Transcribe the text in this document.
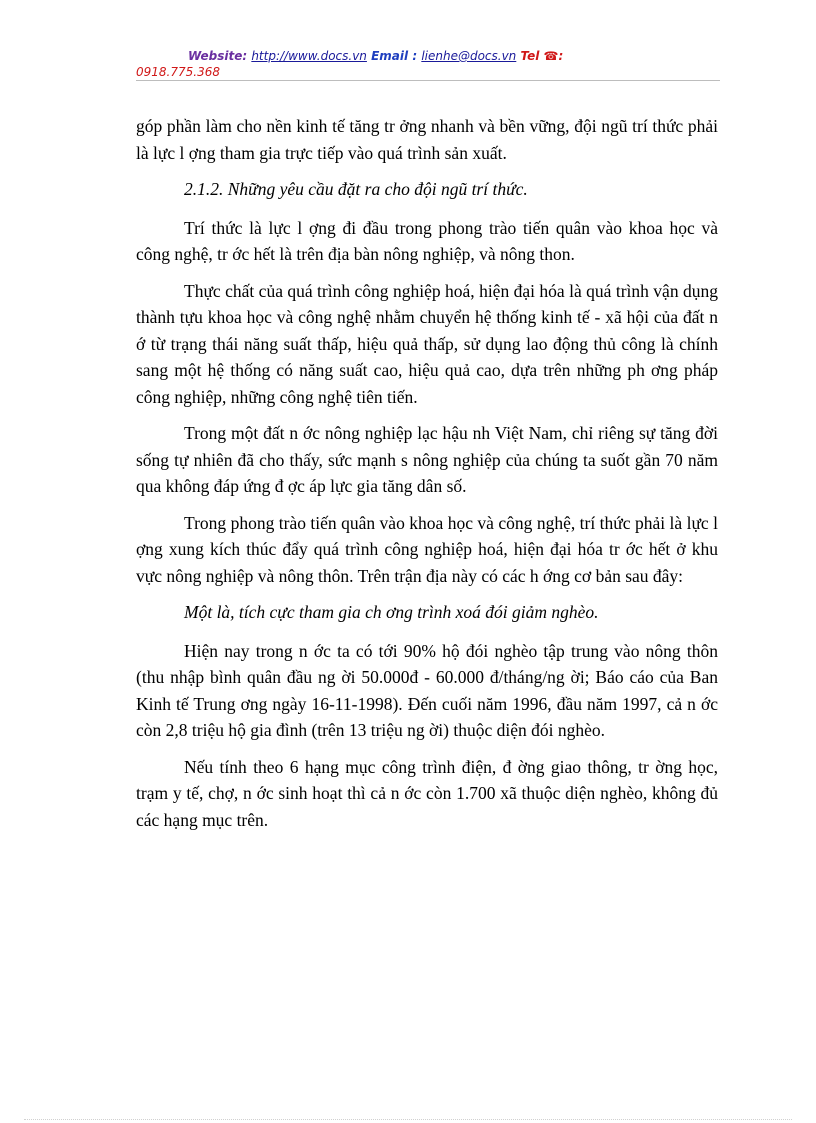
Website: http://www.docs.vn Email : lienhe@docs.vn Tel ☎:
0918.775.368

góp phần làm cho nền kinh tế tăng tr ởng nhanh và bền vững, đội ngũ trí thức phải là lực l ợng tham gia trực tiếp vào quá trình sản xuất.

2.1.2. Những yêu cầu đặt ra cho đội ngũ trí thức.

Trí thức là lực l ợng đi đầu trong phong trào tiến quân vào khoa học và công nghệ, tr ớc hết là trên địa bàn nông nghiệp, và nông thon.

Thực chất của quá trình công nghiệp hoá, hiện đại hóa là quá trình vận dụng thành tựu khoa học và công nghệ nhằm chuyển hệ thống kinh tế - xã hội của đất n ớ từ trạng thái năng suất thấp, hiệu quả thấp, sử dụng lao động thủ công là chính sang một hệ thống có năng suất cao, hiệu quả cao, dựa trên những ph ơng pháp công nghiệp, những công nghệ tiên tiến.

Trong một đất n ớc nông nghiệp lạc hậu nh Việt Nam, chỉ riêng sự tăng đời sống tự nhiên đã cho thấy, sức mạnh s nông nghiệp của chúng ta suốt gần 70 năm qua không đáp ứng đ ợc áp lực gia tăng dân số.

Trong phong trào tiến quân vào khoa học và công nghệ, trí thức phải là lực l ợng xung kích thúc đẩy quá trình công nghiệp hoá, hiện đại hóa tr ớc hết ở khu vực nông nghiệp và nông thôn. Trên trận địa này có các h ớng cơ bản sau đây:

Một là, tích cực tham gia ch ơng trình xoá đói giảm nghèo.

Hiện nay trong n ớc ta có tới 90% hộ đói nghèo tập trung vào nông thôn (thu nhập bình quân đầu ng ời 50.000đ - 60.000 đ/tháng/ng ời; Báo cáo của Ban Kinh tế Trung ơng ngày 16-11-1998). Đến cuối năm 1996, đầu năm 1997, cả n ớc còn 2,8 triệu hộ gia đình (trên 13 triệu ng ời) thuộc diện đói nghèo.

Nếu tính theo 6 hạng mục công trình điện, đ ờng giao thông, tr ờng học, trạm y tế, chợ, n ớc sinh hoạt thì cả n ớc còn 1.700 xã thuộc diện nghèo, không đủ các hạng mục trên.
